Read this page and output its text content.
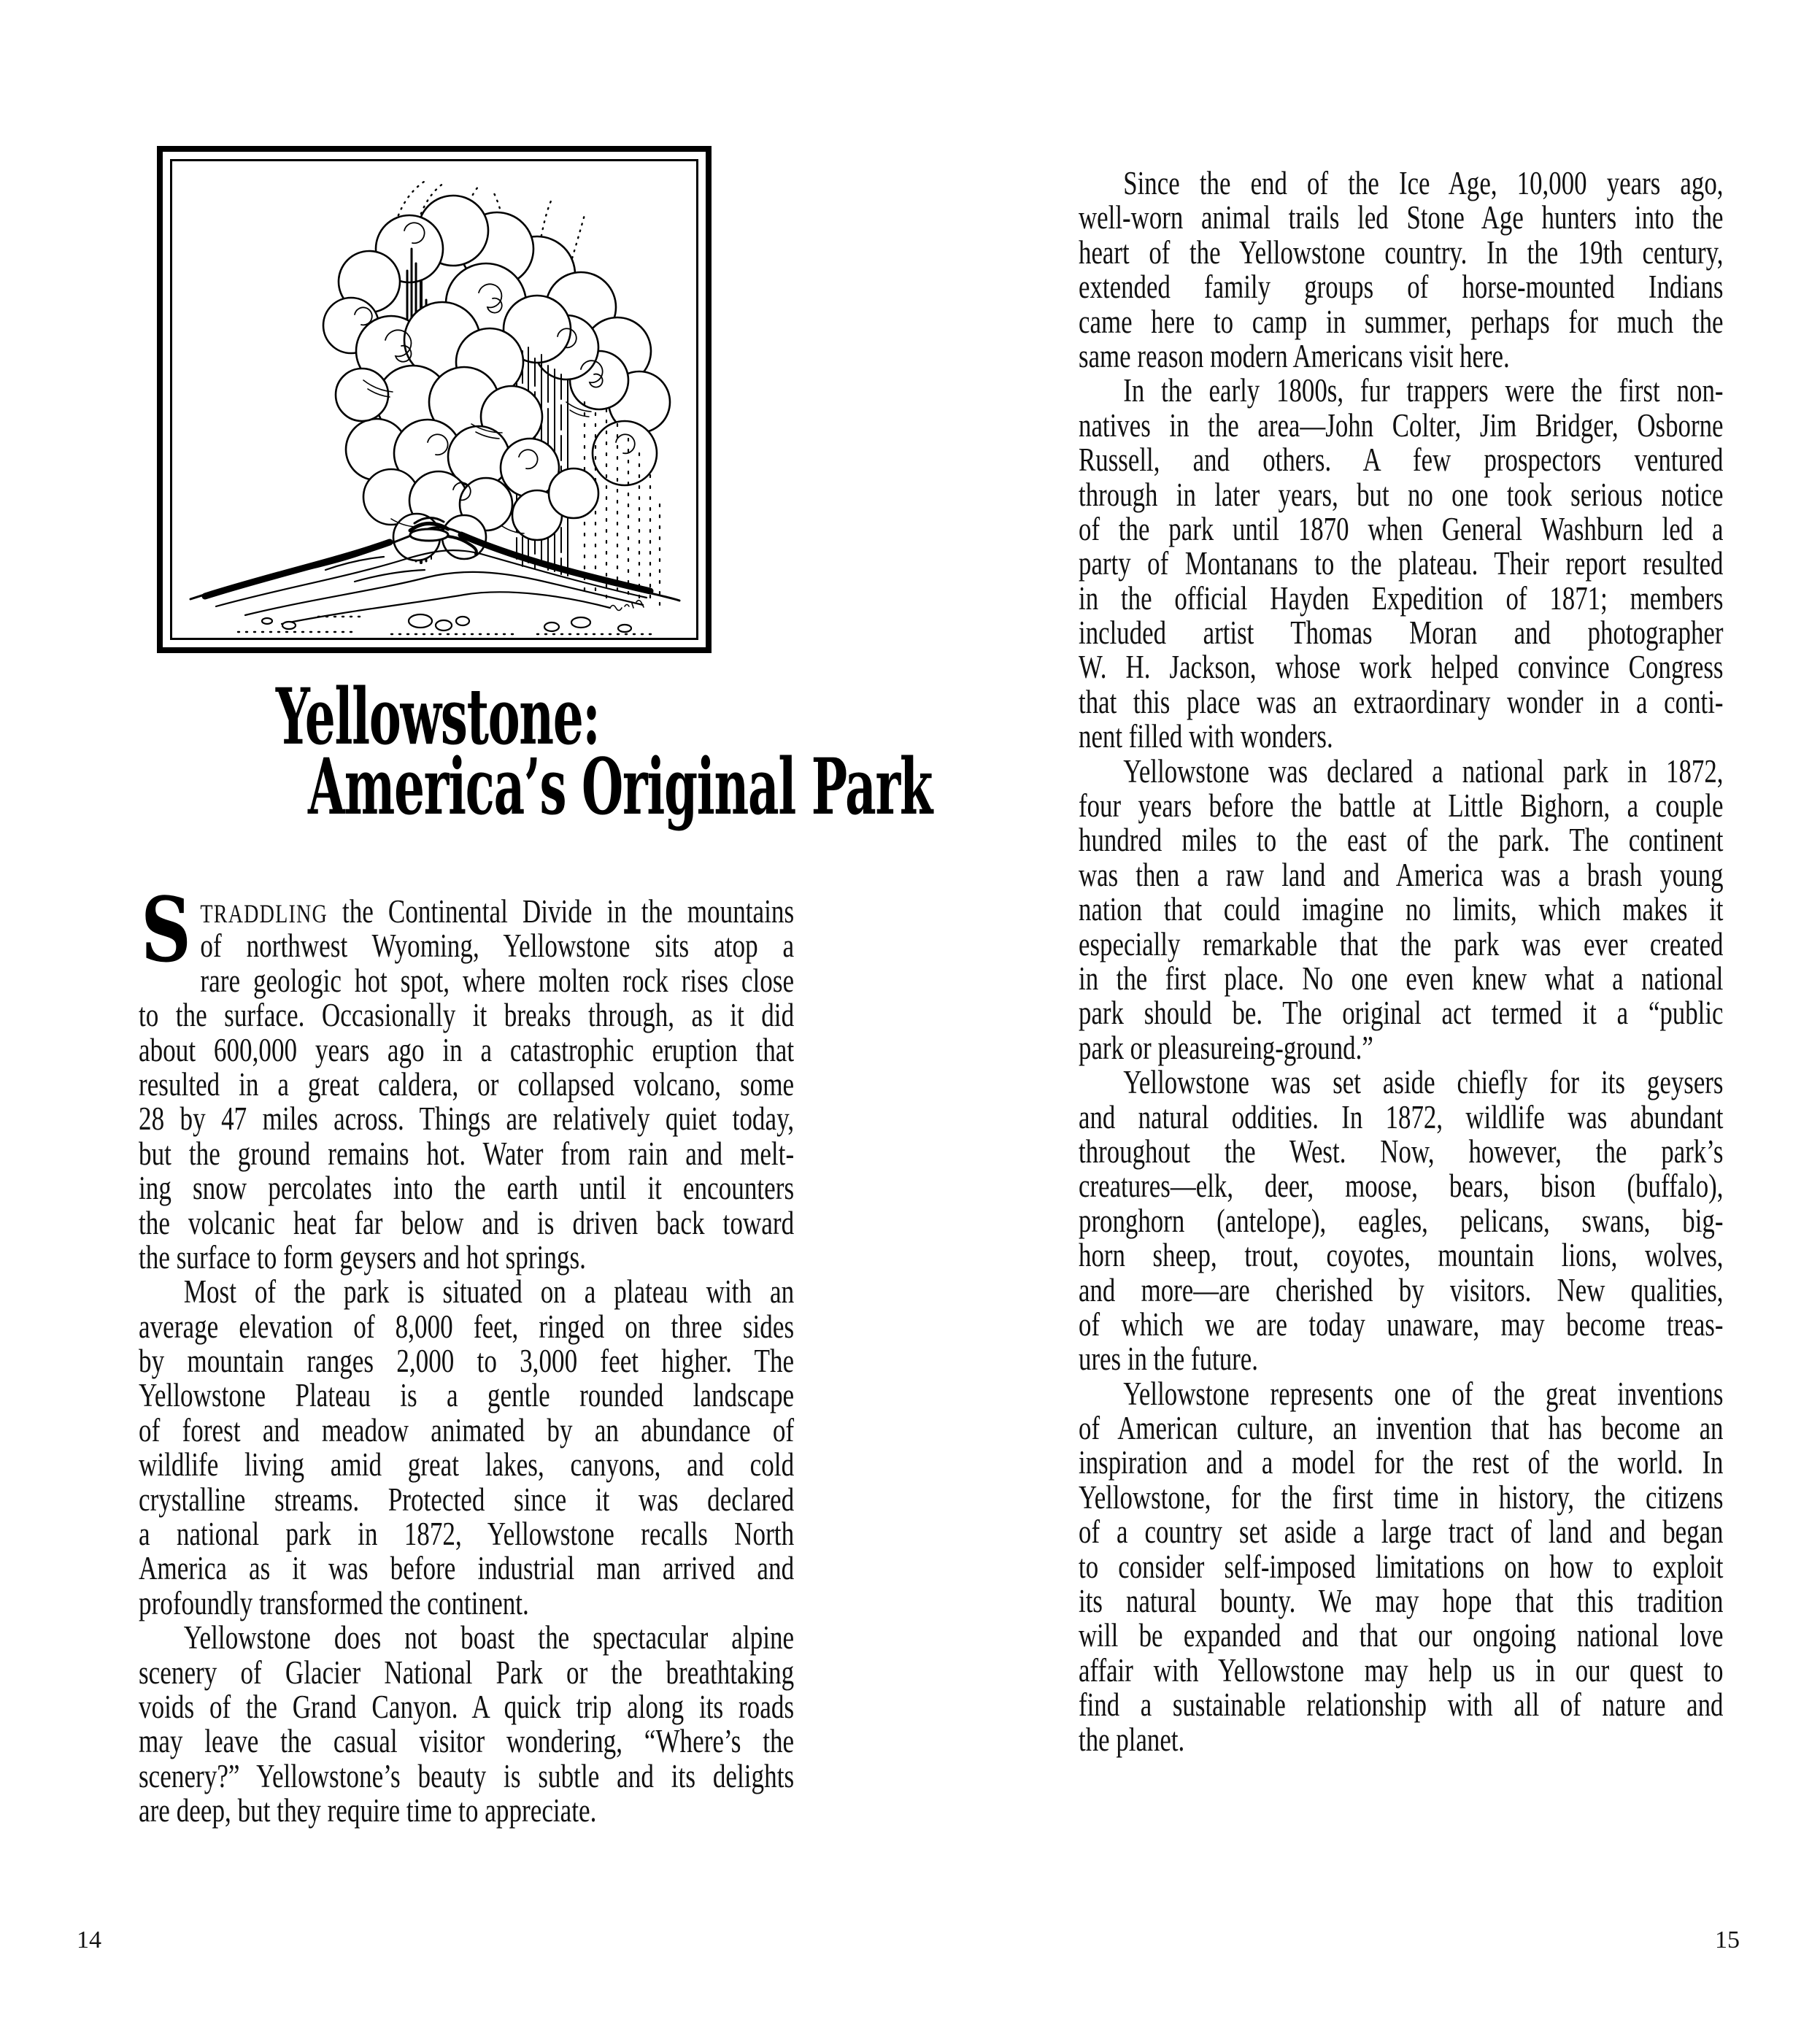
Yellowstone:
America’s Original Park
S TRADDLING the Continental Divide in the mountains
of northwest Wyoming, Yellowstone sits atop a
rare geologic hot spot, where molten rock rises close
to the surface. Occasionally it breaks through, as it did
about 600,000 years ago in a catastrophic eruption that
resulted in a great caldera, or collapsed volcano, some
28 by 47 miles across. Things are relatively quiet today,
but the ground remains hot. Water from rain and melt-
ing snow percolates into the earth until it encounters
the volcanic heat far below and is driven back toward
the surface to form geysers and hot springs.
Most of the park is situated on a plateau with an
average elevation of 8,000 feet, ringed on three sides
by mountain ranges 2,000 to 3,000 feet higher. The
Yellowstone Plateau is a gentle rounded landscape
of forest and meadow animated by an abundance of
wildlife living amid great lakes, canyons, and cold
crystalline streams. Protected since it was declared
a national park in 1872, Yellowstone recalls North
America as it was before industrial man arrived and
profoundly transformed the continent.
Yellowstone does not boast the spectacular alpine
scenery of Glacier National Park or the breathtaking
voids of the Grand Canyon. A quick trip along its roads
may leave the casual visitor wondering, “Where’s the
scenery?” Yellowstone’s beauty is subtle and its delights
are deep, but they require time to appreciate.
14
Since the end of the Ice Age, 10,000 years ago,
well-worn animal trails led Stone Age hunters into the
heart of the Yellowstone country. In the 19th century,
extended family groups of horse-mounted Indians
came here to camp in summer, perhaps for much the
same reason modern Americans visit here.
In the early 1800s, fur trappers were the first non-
natives in the area—John Colter, Jim Bridger, Osborne
Russell, and others. A few prospectors ventured
through in later years, but no one took serious notice
of the park until 1870 when General Washburn led a
party of Montanans to the plateau. Their report resulted
in the official Hayden Expedition of 1871; members
included artist Thomas Moran and photographer
W. H. Jackson, whose work helped convince Congress
that this place was an extraordinary wonder in a conti-
nent filled with wonders.
Yellowstone was declared a national park in 1872,
four years before the battle at Little Bighorn, a couple
hundred miles to the east of the park. The continent
was then a raw land and America was a brash young
nation that could imagine no limits, which makes it
especially remarkable that the park was ever created
in the first place. No one even knew what a national
park should be. The original act termed it a “public
park or pleasureing-ground.”
Yellowstone was set aside chiefly for its geysers
and natural oddities. In 1872, wildlife was abundant
throughout the West. Now, however, the park’s
creatures—elk, deer, moose, bears, bison (buffalo),
pronghorn (antelope), eagles, pelicans, swans, big-
horn sheep, trout, coyotes, mountain lions, wolves,
and more—are cherished by visitors. New qualities,
of which we are today unaware, may become treas-
ures in the future.
Yellowstone represents one of the great inventions
of American culture, an invention that has become an
inspiration and a model for the rest of the world. In
Yellowstone, for the first time in history, the citizens
of a country set aside a large tract of land and began
to consider self-imposed limitations on how to exploit
its natural bounty. We may hope that this tradition
will be expanded and that our ongoing national love
affair with Yellowstone may help us in our quest to
find a sustainable relationship with all of nature and
the planet.
15
